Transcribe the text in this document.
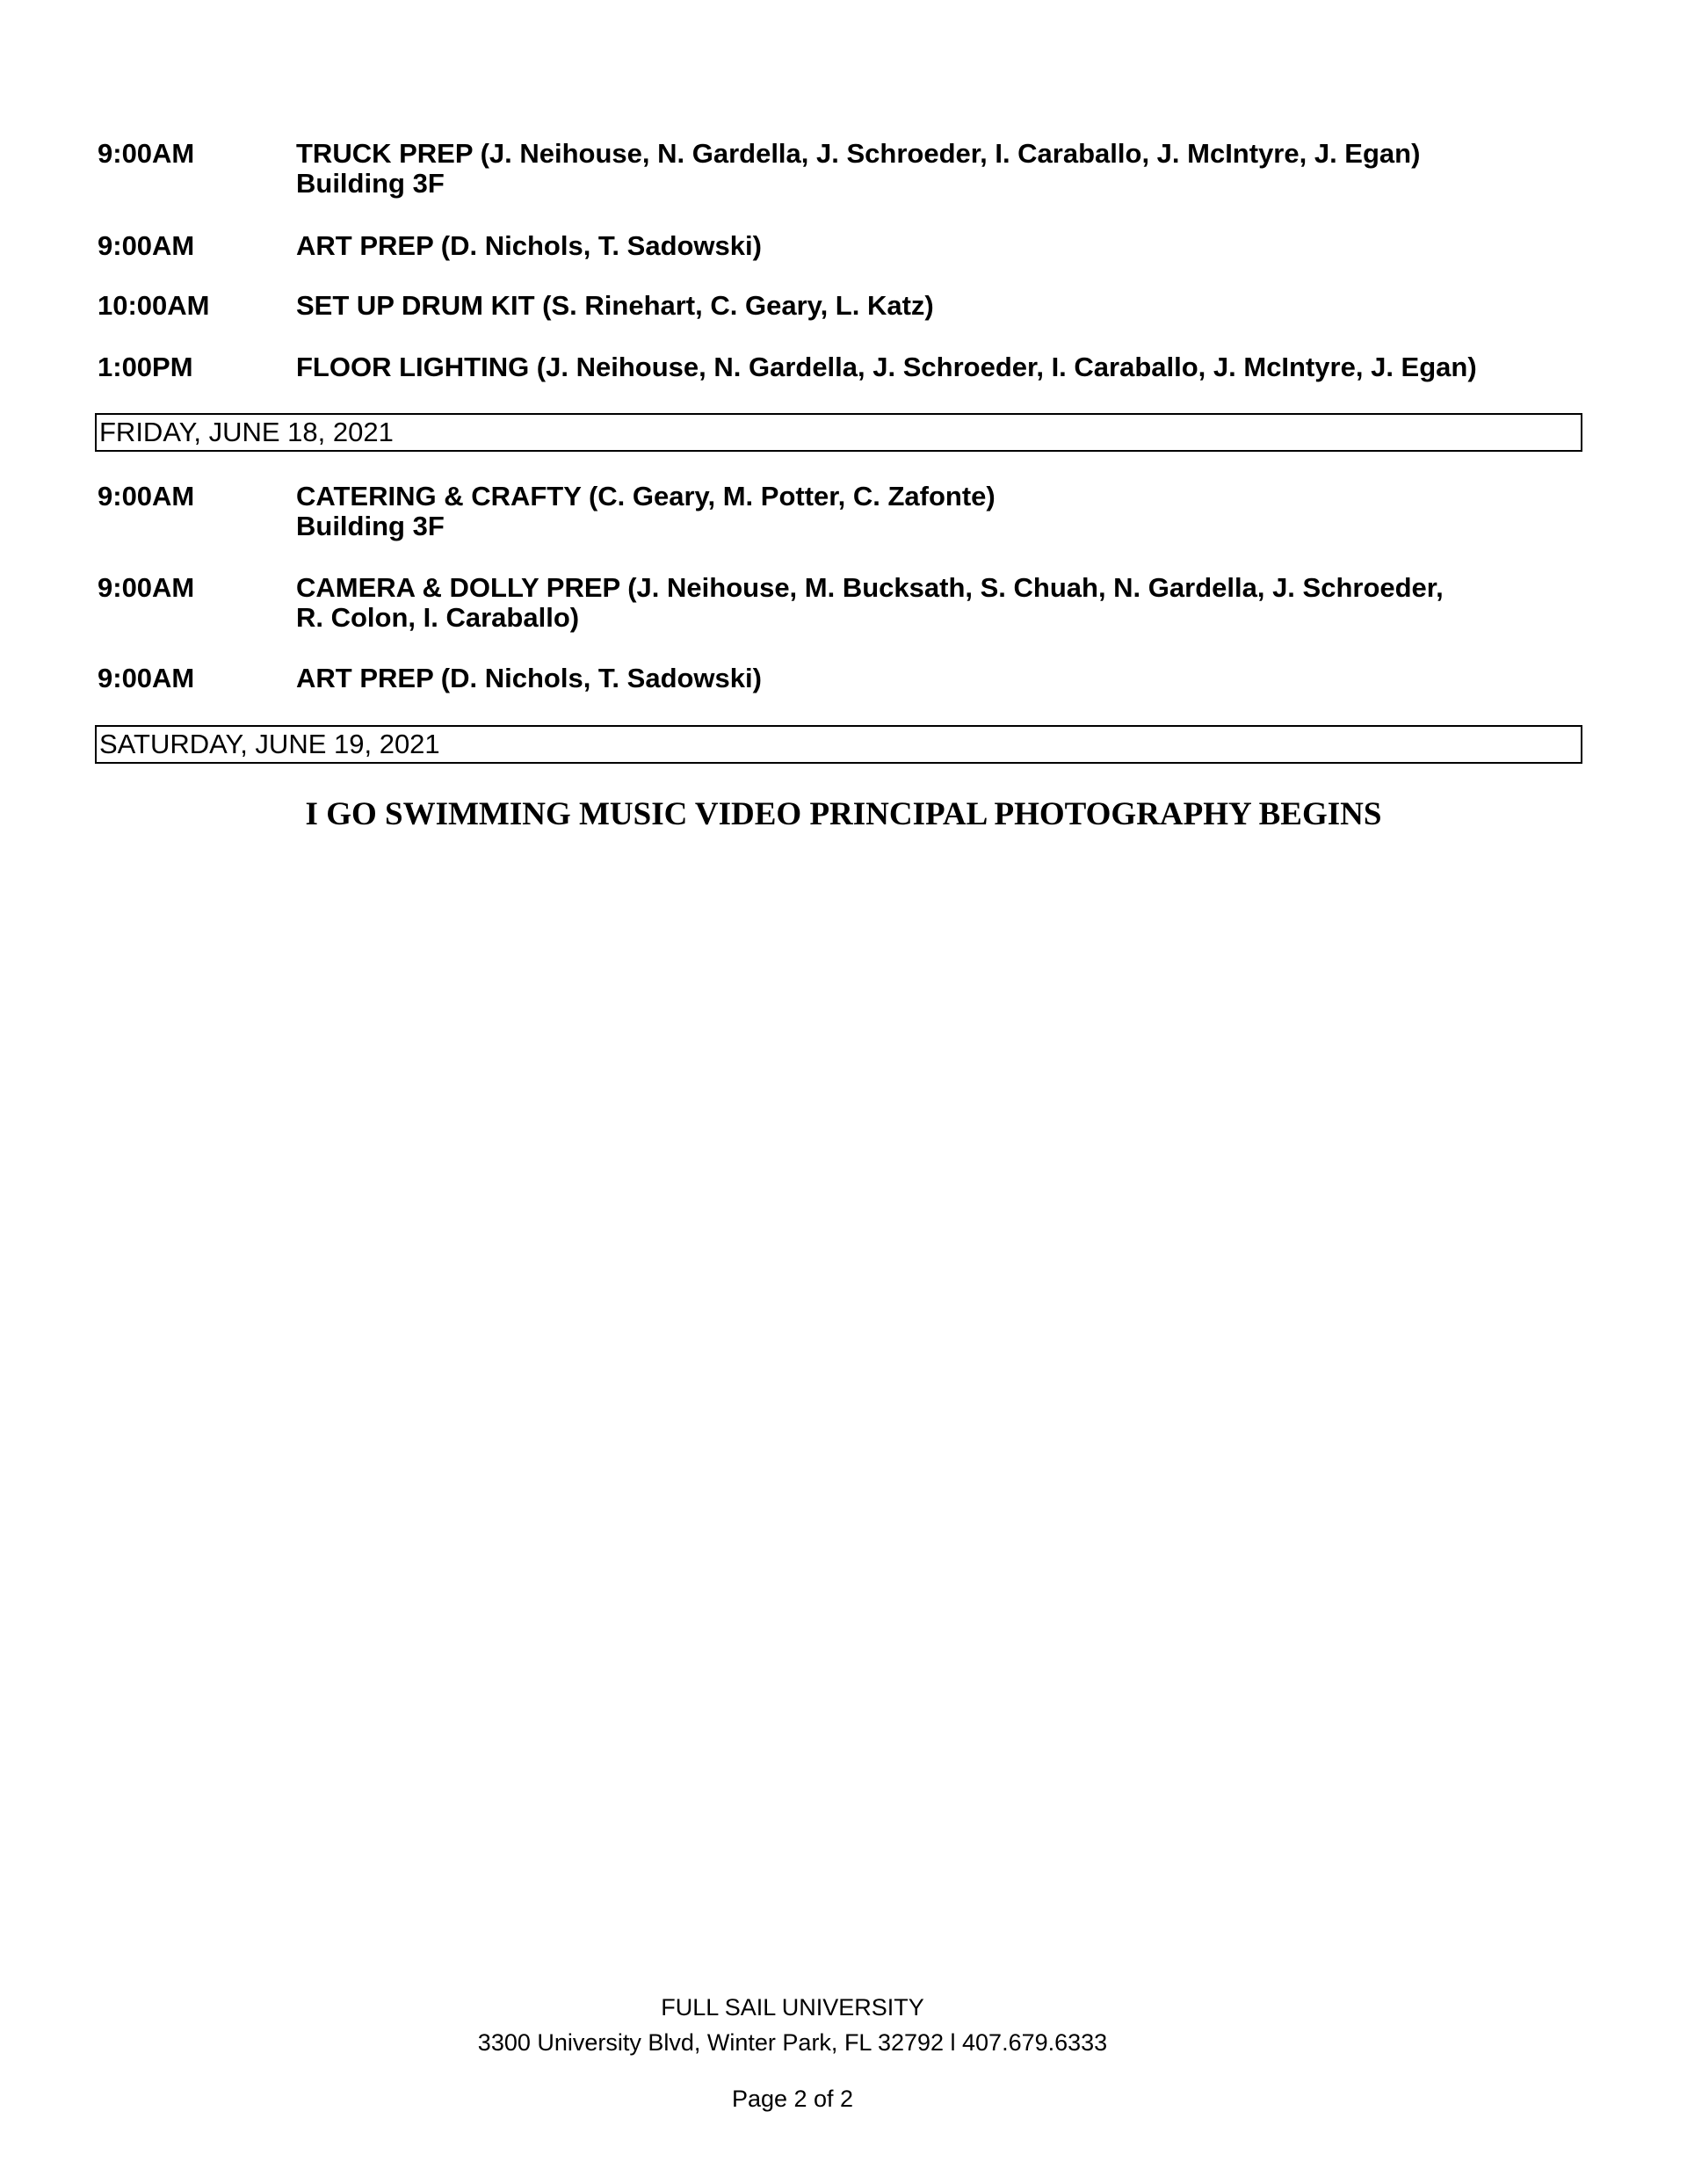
9:00AM	TRUCK PREP (J. Neihouse, N. Gardella, J. Schroeder, I. Caraballo, J. McIntyre, J. Egan)
Building 3F
9:00AM	ART PREP (D. Nichols, T. Sadowski)
10:00AM	SET UP DRUM KIT (S. Rinehart, C. Geary, L. Katz)
1:00PM	FLOOR LIGHTING (J. Neihouse, N. Gardella, J. Schroeder, I. Caraballo, J. McIntyre, J. Egan)
FRIDAY, JUNE 18, 2021
9:00AM	CATERING & CRAFTY (C. Geary, M. Potter, C. Zafonte)
Building 3F
9:00AM	CAMERA & DOLLY PREP (J. Neihouse, M. Bucksath, S. Chuah, N. Gardella, J. Schroeder,
R. Colon, I. Caraballo)
9:00AM	ART PREP (D. Nichols, T. Sadowski)
SATURDAY, JUNE 19, 2021
I GO SWIMMING MUSIC VIDEO PRINCIPAL PHOTOGRAPHY BEGINS
FULL SAIL UNIVERSITY
3300 University Blvd, Winter Park, FL 32792 l 407.679.6333
Page 2 of 2
